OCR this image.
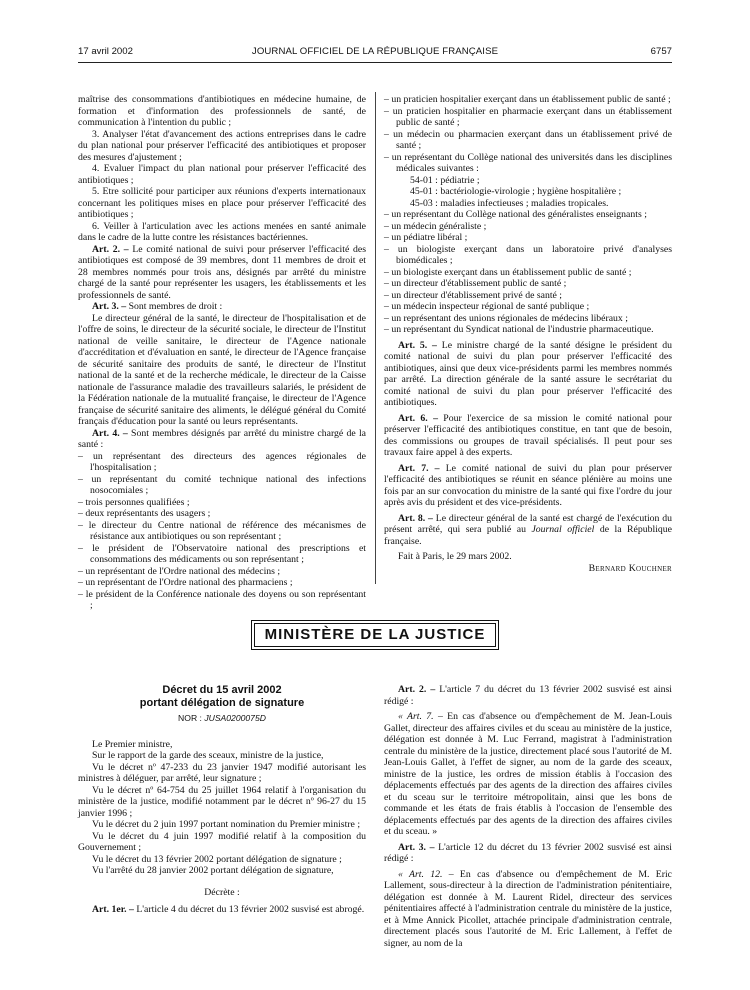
17 avril 2002	JOURNAL OFFICIEL DE LA RÉPUBLIQUE FRANÇAISE	6757

maîtrise des consommations d'antibiotiques en médecine humaine, de formation et d'information des professionnels de santé, de communication à l'intention du public ;

3. Analyser l'état d'avancement des actions entreprises dans le cadre du plan national pour préserver l'efficacité des antibiotiques et proposer des mesures d'ajustement ;

4. Evaluer l'impact du plan national pour préserver l'efficacité des antibiotiques ;

5. Etre sollicité pour participer aux réunions d'experts internationaux concernant les politiques mises en place pour préserver l'efficacité des antibiotiques ;

6. Veiller à l'articulation avec les actions menées en santé animale dans le cadre de la lutte contre les résistances bactériennes.

Art. 2. – Le comité national de suivi pour préserver l'efficacité des antibiotiques est composé de 39 membres, dont 11 membres de droit et 28 membres nommés pour trois ans, désignés par arrêté du ministre chargé de la santé pour représenter les usagers, les établissements et les professionnels de santé.

Art. 3. – Sont membres de droit :

Le directeur général de la santé, le directeur de l'hospitalisation et de l'offre de soins, le directeur de la sécurité sociale, le directeur de l'Institut national de veille sanitaire, le directeur de l'Agence nationale d'accréditation et d'évaluation en santé, le directeur de l'Agence française de sécurité sanitaire des produits de santé, le directeur de l'Institut national de la santé et de la recherche médicale, le directeur de la Caisse nationale de l'assurance maladie des travailleurs salariés, le président de la Fédération nationale de la mutualité française, le directeur de l'Agence française de sécurité sanitaire des aliments, le délégué général du Comité français d'éducation pour la santé ou leurs représentants.

Art. 4. – Sont membres désignés par arrêté du ministre chargé de la santé :

– un représentant des directeurs des agences régionales de l'hospitalisation ;

– un représentant du comité technique national des infections nosocomiales ;

– trois personnes qualifiées ;

– deux représentants des usagers ;

– le directeur du Centre national de référence des mécanismes de résistance aux antibiotiques ou son représentant ;

– le président de l'Observatoire national des prescriptions et consommations des médicaments ou son représentant ;

– un représentant de l'Ordre national des médecins ;

– un représentant de l'Ordre national des pharmaciens ;

– le président de la Conférence nationale des doyens ou son représentant ;

– un praticien hospitalier exerçant dans un établissement public de santé ;

– un praticien hospitalier en pharmacie exerçant dans un établissement public de santé ;

– un médecin ou pharmacien exerçant dans un établissement privé de santé ;

– un représentant du Collège national des universités dans les disciplines médicales suivantes :

54-01 : pédiatrie ;

45-01 : bactériologie-virologie ; hygiène hospitalière ;

45-03 : maladies infectieuses ; maladies tropicales.

– un représentant du Collège national des généralistes enseignants ;

– un médecin généraliste ;

– un pédiatre libéral ;

– un biologiste exerçant dans un laboratoire privé d'analyses biomédicales ;

– un biologiste exerçant dans un établissement public de santé ;

– un directeur d'établissement public de santé ;

– un directeur d'établissement privé de santé ;

– un médecin inspecteur régional de santé publique ;

– un représentant des unions régionales de médecins libéraux ;

– un représentant du Syndicat national de l'industrie pharmaceutique.

Art. 5. – Le ministre chargé de la santé désigne le président du comité national de suivi du plan pour préserver l'efficacité des antibiotiques, ainsi que deux vice-présidents parmi les membres nommés par arrêté. La direction générale de la santé assure le secrétariat du comité national de suivi du plan pour préserver l'efficacité des antibiotiques.

Art. 6. – Pour l'exercice de sa mission le comité national pour préserver l'efficacité des antibiotiques constitue, en tant que de besoin, des commissions ou groupes de travail spécialisés. Il peut pour ses travaux faire appel à des experts.

Art. 7. – Le comité national de suivi du plan pour préserver l'efficacité des antibiotiques se réunit en séance plénière au moins une fois par an sur convocation du ministre de la santé qui fixe l'ordre du jour après avis du président et des vice-présidents.

Art. 8. – Le directeur général de la santé est chargé de l'exécution du présent arrêté, qui sera publié au Journal officiel de la République française.

Fait à Paris, le 29 mars 2002.

Bernard Kouchner

MINISTÈRE DE LA JUSTICE
Décret du 15 avril 2002
portant délégation de signature
NOR : JUSA0200075D

Le Premier ministre,

Sur le rapport de la garde des sceaux, ministre de la justice,

Vu le décret nº 47-233 du 23 janvier 1947 modifié autorisant les ministres à déléguer, par arrêté, leur signature ;

Vu le décret nº 64-754 du 25 juillet 1964 relatif à l'organisation du ministère de la justice, modifié notamment par le décret nº 96-27 du 15 janvier 1996 ;

Vu le décret du 2 juin 1997 portant nomination du Premier ministre ;

Vu le décret du 4 juin 1997 modifié relatif à la composition du Gouvernement ;

Vu le décret du 13 février 2002 portant délégation de signature ;

Vu l'arrêté du 28 janvier 2002 portant délégation de signature,

Décrète :

Art. 1er. – L'article 4 du décret du 13 février 2002 susvisé est abrogé.

Art. 2. – L'article 7 du décret du 13 février 2002 susvisé est ainsi rédigé :

« Art. 7. – En cas d'absence ou d'empêchement de M. Jean-Louis Gallet, directeur des affaires civiles et du sceau au ministère de la justice, délégation est donnée à M. Luc Ferrand, magistrat à l'administration centrale du ministère de la justice, directement placé sous l'autorité de M. Jean-Louis Gallet, à l'effet de signer, au nom de la garde des sceaux, ministre de la justice, les ordres de mission établis à l'occasion des déplacements effectués par des agents de la direction des affaires civiles et du sceau sur le territoire métropolitain, ainsi que les bons de commande et les états de frais établis à l'occasion de l'ensemble des déplacements effectués par des agents de la direction des affaires civiles et du sceau. »

Art. 3. – L'article 12 du décret du 13 février 2002 susvisé est ainsi rédigé :

« Art. 12. – En cas d'absence ou d'empêchement de M. Eric Lallement, sous-directeur à la direction de l'administration pénitentiaire, délégation est donnée à M. Laurent Ridel, directeur des services pénitentiaires affecté à l'administration centrale du ministère de la justice, et à Mme Annick Picollet, attachée principale d'administration centrale, directement placés sous l'autorité de M. Eric Lallement, à l'effet de signer, au nom de la
